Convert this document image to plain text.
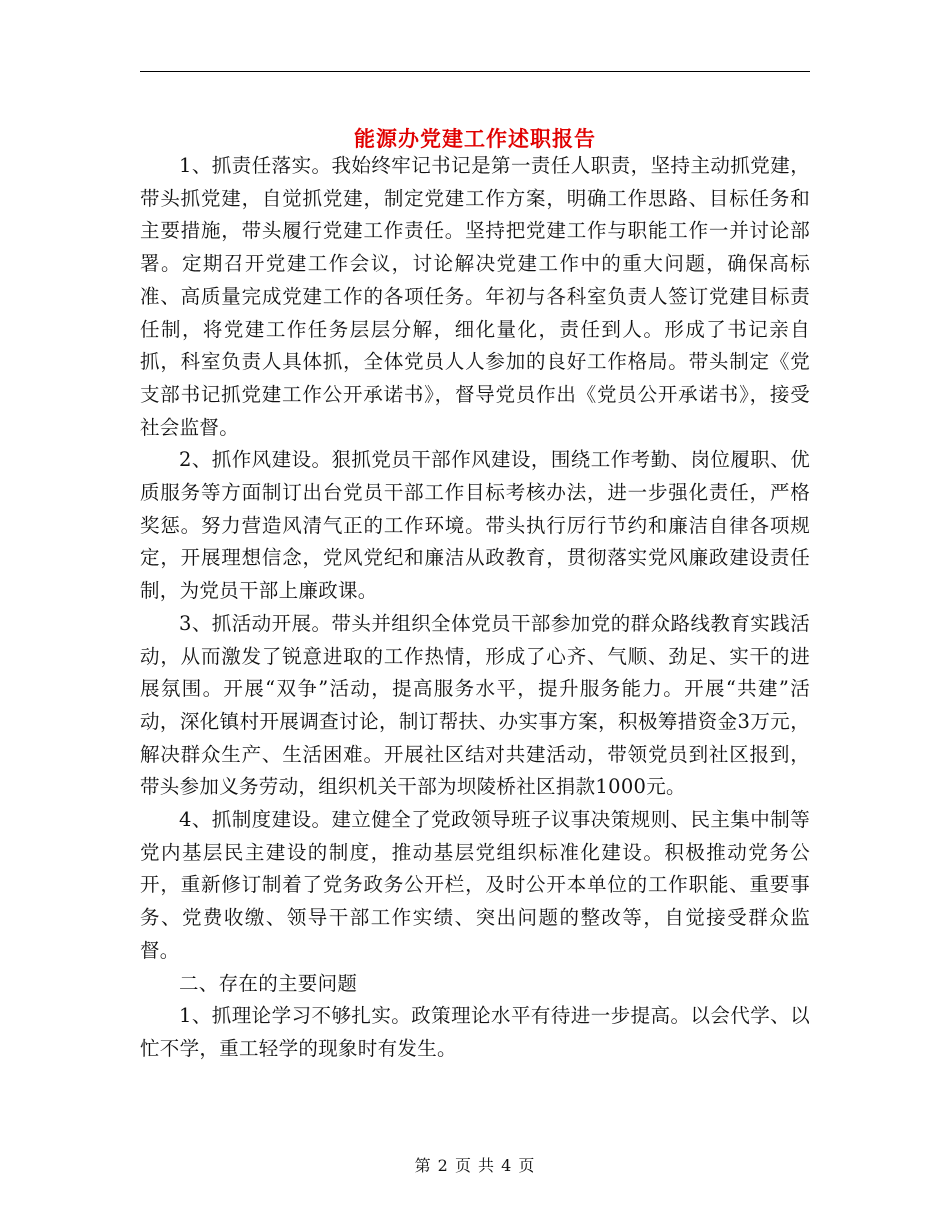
能源办党建工作述职报告

1、抓责任落实。我始终牢记书记是第一责任人职责，坚持主动抓党建，带头抓党建，自觉抓党建，制定党建工作方案，明确工作思路、目标任务和主要措施，带头履行党建工作责任。坚持把党建工作与职能工作一并讨论部署。定期召开党建工作会议，讨论解决党建工作中的重大问题，确保高标准、高质量完成党建工作的各项任务。年初与各科室负责人签订党建目标责任制，将党建工作任务层层分解，细化量化，责任到人。形成了书记亲自抓，科室负责人具体抓，全体党员人人参加的良好工作格局。带头制定《党支部书记抓党建工作公开承诺书》，督导党员作出《党员公开承诺书》，接受社会监督。

2、抓作风建设。狠抓党员干部作风建设，围绕工作考勤、岗位履职、优质服务等方面制订出台党员干部工作目标考核办法，进一步强化责任，严格奖惩。努力营造风清气正的工作环境。带头执行厉行节约和廉洁自律各项规定，开展理想信念，党风党纪和廉洁从政教育，贯彻落实党风廉政建设责任制，为党员干部上廉政课。

3、抓活动开展。带头并组织全体党员干部参加党的群众路线教育实践活动，从而激发了锐意进取的工作热情，形成了心齐、气顺、劲足、实干的进展氛围。开展“双争”活动，提高服务水平，提升服务能力。开展“共建”活动，深化镇村开展调查讨论，制订帮扶、办实事方案，积极筹措资金3万元，解决群众生产、生活困难。开展社区结对共建活动，带领党员到社区报到，带头参加义务劳动，组织机关干部为坝陵桥社区捐款1000元。

4、抓制度建设。建立健全了党政领导班子议事决策规则、民主集中制等党内基层民主建设的制度，推动基层党组织标准化建设。积极推动党务公开，重新修订制着了党务政务公开栏，及时公开本单位的工作职能、重要事务、党费收缴、领导干部工作实绩、突出问题的整改等，自觉接受群众监督。

二、存在的主要问题

1、抓理论学习不够扎实。政策理论水平有待进一步提高。以会代学、以忙不学，重工轻学的现象时有发生。

第 2 页 共 4 页
